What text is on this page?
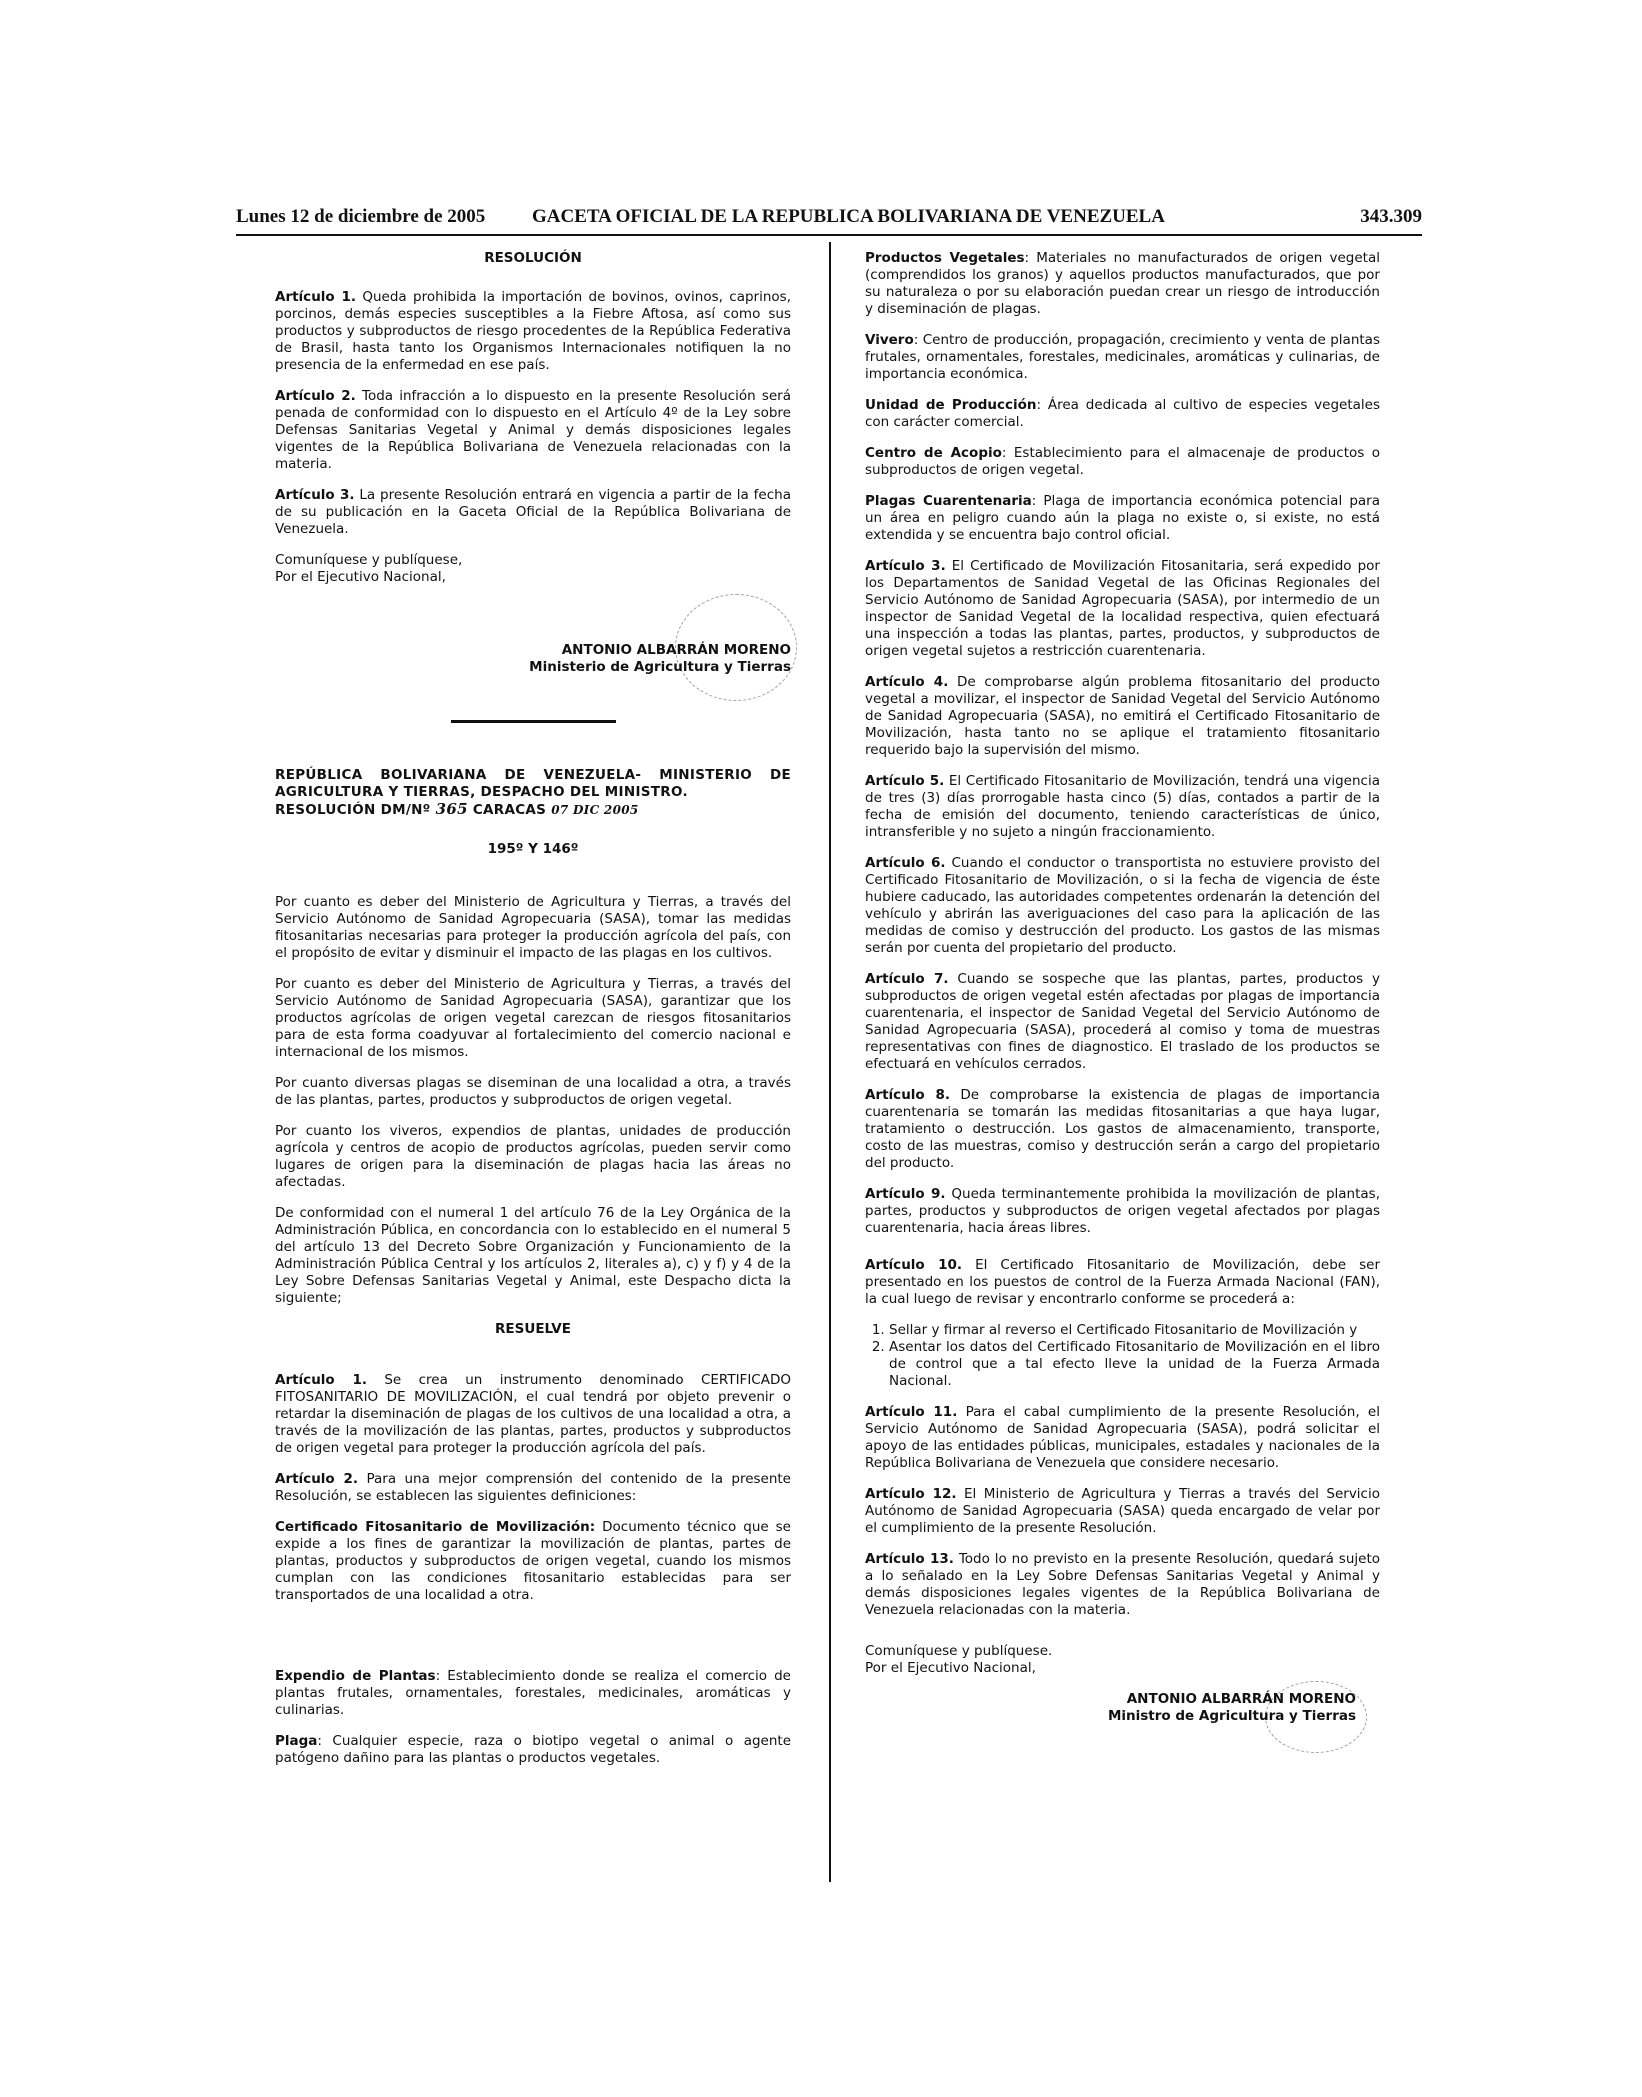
Lunes 12 de diciembre de 2005 GACETA OFICIAL DE LA REPUBLICA BOLIVARIANA DE VENEZUELA	343.309

RESOLUCIÓN

Artículo 1. Queda prohibida la importación de bovinos, ovinos, caprinos, porcinos, demás especies susceptibles a la Fiebre Aftosa, así como sus productos y subproductos de riesgo procedentes de la República Federativa de Brasil, hasta tanto los Organismos Internacionales notifiquen la no presencia de la enfermedad en ese país.

Artículo 2. Toda infracción a lo dispuesto en la presente Resolución será penada de conformidad con lo dispuesto en el Artículo 4º de la Ley sobre Defensas Sanitarias Vegetal y Animal y demás disposiciones legales vigentes de la República Bolivariana de Venezuela relacionadas con la materia.

Artículo 3. La presente Resolución entrará en vigencia a partir de la fecha de su publicación en la Gaceta Oficial de la República Bolivariana de Venezuela.

Comuníquese y publíquese,

Por el Ejecutivo Nacional,

ANTONIO ALBARRÁN MORENO
Ministerio de Agricultura y Tierras

REPÚBLICA BOLIVARIANA DE VENEZUELA- MINISTERIO DE AGRICULTURA Y TIERRAS, DESPACHO DEL MINISTRO.

RESOLUCIÓN DM/Nº 365 CARACAS 07 DIC 2005

195º Y 146º

Por cuanto es deber del Ministerio de Agricultura y Tierras, a través del Servicio Autónomo de Sanidad Agropecuaria (SASA), tomar las medidas fitosanitarias necesarias para proteger la producción agrícola del país, con el propósito de evitar y disminuir el impacto de las plagas en los cultivos.

Por cuanto es deber del Ministerio de Agricultura y Tierras, a través del Servicio Autónomo de Sanidad Agropecuaria (SASA), garantizar que los productos agrícolas de origen vegetal carezcan de riesgos fitosanitarios para de esta forma coadyuvar al fortalecimiento del comercio nacional e internacional de los mismos.

Por cuanto diversas plagas se diseminan de una localidad a otra, a través de las plantas, partes, productos y subproductos de origen vegetal.

Por cuanto los viveros, expendios de plantas, unidades de producción agrícola y centros de acopio de productos agrícolas, pueden servir como lugares de origen para la diseminación de plagas hacia las áreas no afectadas.

De conformidad con el numeral 1 del artículo 76 de la Ley Orgánica de la Administración Pública, en concordancia con lo establecido en el numeral 5 del artículo 13 del Decreto Sobre Organización y Funcionamiento de la Administración Pública Central y los artículos 2, literales a), c) y f) y 4 de la Ley Sobre Defensas Sanitarias Vegetal y Animal, este Despacho dicta la siguiente;

RESUELVE

Artículo 1. Se crea un instrumento denominado CERTIFICADO FITOSANITARIO DE MOVILIZACIÓN, el cual tendrá por objeto prevenir o retardar la diseminación de plagas de los cultivos de una localidad a otra, a través de la movilización de las plantas, partes, productos y subproductos de origen vegetal para proteger la producción agrícola del país.

Artículo 2. Para una mejor comprensión del contenido de la presente Resolución, se establecen las siguientes definiciones:

Certificado Fitosanitario de Movilización: Documento técnico que se expide a los fines de garantizar la movilización de plantas, partes de plantas, productos y subproductos de origen vegetal, cuando los mismos cumplan con las condiciones fitosanitario establecidas para ser transportados de una localidad a otra.

Expendio de Plantas: Establecimiento donde se realiza el comercio de plantas frutales, ornamentales, forestales, medicinales, aromáticas y culinarias.

Plaga: Cualquier especie, raza o biotipo vegetal o animal o agente patógeno dañino para las plantas o productos vegetales.

Productos Vegetales: Materiales no manufacturados de origen vegetal (comprendidos los granos) y aquellos productos manufacturados, que por su naturaleza o por su elaboración puedan crear un riesgo de introducción y diseminación de plagas.

Vivero: Centro de producción, propagación, crecimiento y venta de plantas frutales, ornamentales, forestales, medicinales, aromáticas y culinarias, de importancia económica.

Unidad de Producción: Área dedicada al cultivo de especies vegetales con carácter comercial.

Centro de Acopio: Establecimiento para el almacenaje de productos o subproductos de origen vegetal.

Plagas Cuarentenaria: Plaga de importancia económica potencial para un área en peligro cuando aún la plaga no existe o, si existe, no está extendida y se encuentra bajo control oficial.

Artículo 3. El Certificado de Movilización Fitosanitaria, será expedido por los Departamentos de Sanidad Vegetal de las Oficinas Regionales del Servicio Autónomo de Sanidad Agropecuaria (SASA), por intermedio de un inspector de Sanidad Vegetal de la localidad respectiva, quien efectuará una inspección a todas las plantas, partes, productos, y subproductos de origen vegetal sujetos a restricción cuarentenaria.

Artículo 4. De comprobarse algún problema fitosanitario del producto vegetal a movilizar, el inspector de Sanidad Vegetal del Servicio Autónomo de Sanidad Agropecuaria (SASA), no emitirá el Certificado Fitosanitario de Movilización, hasta tanto no se aplique el tratamiento fitosanitario requerido bajo la supervisión del mismo.

Artículo 5. El Certificado Fitosanitario de Movilización, tendrá una vigencia de tres (3) días prorrogable hasta cinco (5) días, contados a partir de la fecha de emisión del documento, teniendo características de único, intransferible y no sujeto a ningún fraccionamiento.

Artículo 6. Cuando el conductor o transportista no estuviere provisto del Certificado Fitosanitario de Movilización, o si la fecha de vigencia de éste hubiere caducado, las autoridades competentes ordenarán la detención del vehículo y abrirán las averiguaciones del caso para la aplicación de las medidas de comiso y destrucción del producto. Los gastos de las mismas serán por cuenta del propietario del producto.

Artículo 7. Cuando se sospeche que las plantas, partes, productos y subproductos de origen vegetal estén afectadas por plagas de importancia cuarentenaria, el inspector de Sanidad Vegetal del Servicio Autónomo de Sanidad Agropecuaria (SASA), procederá al comiso y toma de muestras representativas con fines de diagnostico. El traslado de los productos se efectuará en vehículos cerrados.

Artículo 8. De comprobarse la existencia de plagas de importancia cuarentenaria se tomarán las medidas fitosanitarias a que haya lugar, tratamiento o destrucción. Los gastos de almacenamiento, transporte, costo de las muestras, comiso y destrucción serán a cargo del propietario del producto.

Artículo 9. Queda terminantemente prohibida la movilización de plantas, partes, productos y subproductos de origen vegetal afectados por plagas cuarentenaria, hacia áreas libres.

Artículo 10. El Certificado Fitosanitario de Movilización, debe ser presentado en los puestos de control de la Fuerza Armada Nacional (FAN), la cual luego de revisar y encontrarlo conforme se procederá a:

1. Sellar y firmar al reverso el Certificado Fitosanitario de Movilización y
2. Asentar los datos del Certificado Fitosanitario de Movilización en el libro de control que a tal efecto lleve la unidad de la Fuerza Armada Nacional.

Artículo 11. Para el cabal cumplimiento de la presente Resolución, el Servicio Autónomo de Sanidad Agropecuaria (SASA), podrá solicitar el apoyo de las entidades públicas, municipales, estadales y nacionales de la República Bolivariana de Venezuela que considere necesario.

Artículo 12. El Ministerio de Agricultura y Tierras a través del Servicio Autónomo de Sanidad Agropecuaria (SASA) queda encargado de velar por el cumplimiento de la presente Resolución.

Artículo 13. Todo lo no previsto en la presente Resolución, quedará sujeto a lo señalado en la Ley Sobre Defensas Sanitarias Vegetal y Animal y demás disposiciones legales vigentes de la República Bolivariana de Venezuela relacionadas con la materia.

Comuníquese y publíquese.

Por el Ejecutivo Nacional,

ANTONIO ALBARRÁN MORENO
Ministro de Agricultura y Tierras
